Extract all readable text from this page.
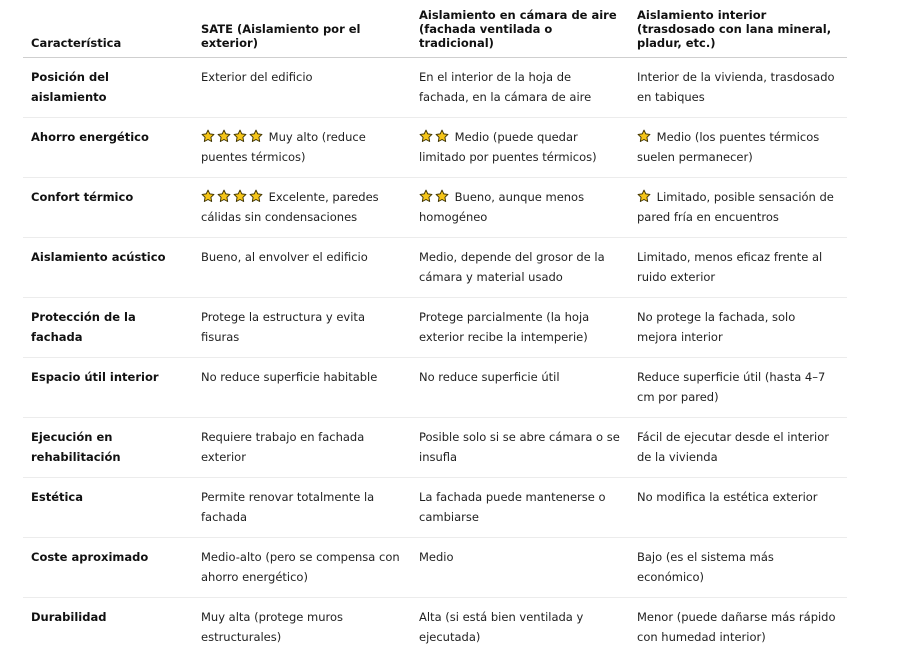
Característica	SATE (Aislamiento por el exterior)	Aislamiento en cámara de aire (fachada ventilada o tradicional)	Aislamiento interior (trasdosado con lana mineral, pladur, etc.)
Posición del aislamiento	Exterior del edificio	En el interior de la hoja de fachada, en la cámara de aire	Interior de la vivienda, trasdosado en tabiques
Ahorro energético	Muy alto (reduce puentes térmicos)	Medio (puede quedar limitado por puentes térmicos)	Medio (los puentes térmicos suelen permanecer)
Confort térmico	Excelente, paredes cálidas sin condensaciones	Bueno, aunque menos homogéneo	Limitado, posible sensación de pared fría en encuentros
Aislamiento acústico	Bueno, al envolver el edificio	Medio, depende del grosor de la cámara y material usado	Limitado, menos eficaz frente al ruido exterior
Protección de la fachada	Protege la estructura y evita fisuras	Protege parcialmente (la hoja exterior recibe la intemperie)	No protege la fachada, solo mejora interior
Espacio útil interior	No reduce superficie habitable	No reduce superficie útil	Reduce superficie útil (hasta 4–7 cm por pared)
Ejecución en rehabilitación	Requiere trabajo en fachada exterior	Posible solo si se abre cámara o se insufla	Fácil de ejecutar desde el interior de la vivienda
Estética	Permite renovar totalmente la fachada	La fachada puede mantenerse o cambiarse	No modifica la estética exterior
Coste aproximado	Medio-alto (pero se compensa con ahorro energético)	Medio	Bajo (es el sistema más económico)
Durabilidad	Muy alta (protege muros estructurales)	Alta (si está bien ventilada y ejecutada)	Menor (puede dañarse más rápido con humedad interior)
